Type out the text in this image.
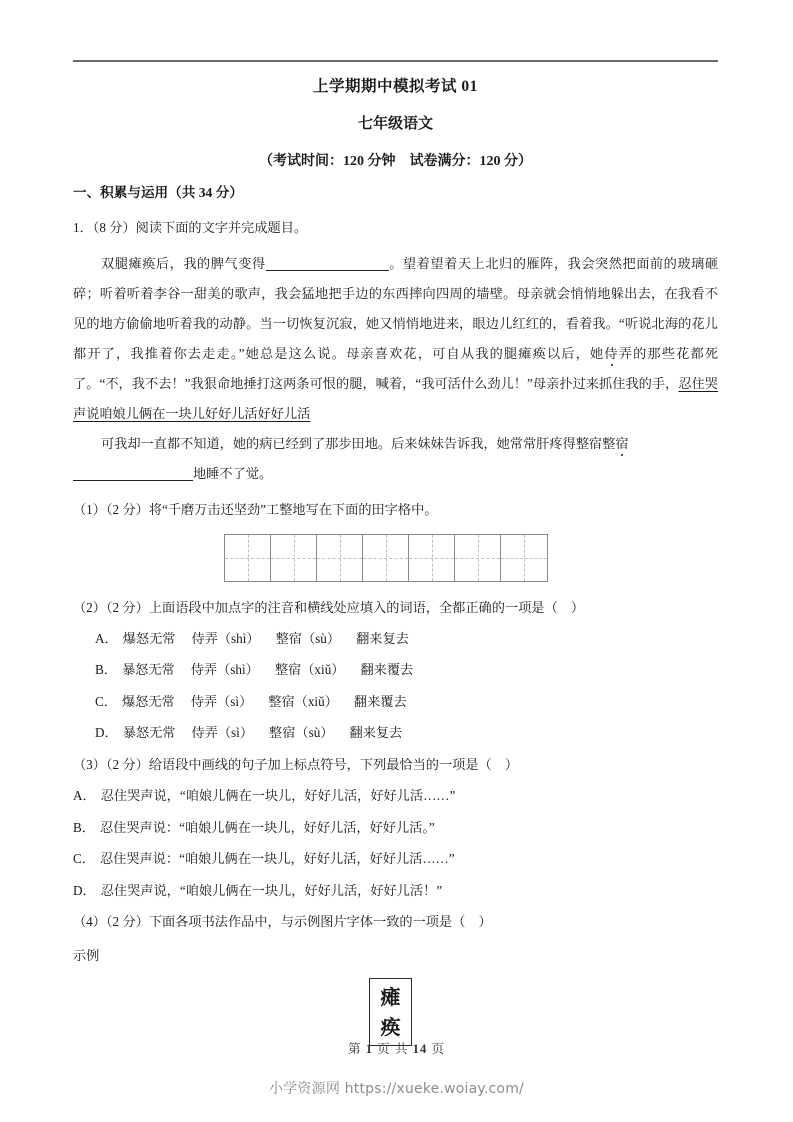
上学期期中模拟考试 01
七年级语文
（考试时间：120 分钟　试卷满分：120 分）
一、积累与运用（共 34 分）
1．（8 分）阅读下面的文字并完成题目。

双腿瘫痪后，我的脾气变得	。望着望着天上北归的雁阵，我会突然把面前的玻璃砸碎；听着听着李谷一甜美的歌声，我会猛地把手边的东西摔向四周的墙壁。母亲就会悄悄地躲出去，在我看不见的地方偷偷地听着我的动静。当一切恢复沉寂，她又悄悄地进来，眼边儿红红的，看着我。“听说北海的花儿都开了，我推着你去走走。”她总是这么说。母亲喜欢花，可自从我的腿瘫痪以后，她侍弄的那些花都死了。“不，我不去！”我狠命地捶打这两条可恨的腿，喊着，“我可活什么劲儿！”母亲扑过来抓住我的手，忍住哭声说咱娘儿俩在一块儿好好儿活好好儿活

可我却一直都不知道，她的病已经到了那步田地。后来妹妹告诉我，她常常肝疼得整宿整宿

地睡不了觉。

（1）（2 分）将“千磨万击还坚劲”工整地写在下面的田字格中。
（2）（2 分）上面语段中加点字的注音和横线处应填入的词语，全都正确的一项是（　）
A． 爆怒无常 侍弄（shì） 整宿（sù） 翻来复去
B． 暴怒无常 侍弄（shì） 整宿（xiǔ） 翻来覆去
C． 爆怒无常 侍弄（sì） 整宿（xiǔ） 翻来覆去
D． 暴怒无常 侍弄（sì） 整宿（sù） 翻来复去
（3）（2 分）给语段中画线的句子加上标点符号，下列最恰当的一项是（　）
A． 忍住哭声说，“咱娘儿俩在一块儿，好好儿活，好好儿活……”
B． 忍住哭声说：“咱娘儿俩在一块儿，好好儿活，好好儿活。”
C． 忍住哭声说：“咱娘儿俩在一块儿，好好儿活，好好儿活……”
D． 忍住哭声说，“咱娘儿俩在一块儿，好好儿活，好好儿活！”
（4）（2 分）下面各项书法作品中，与示例图片字体一致的一项是（　）
示例
瘫
痪
第 1 页 共 14 页
小学资源网 https://xueke.woiay.com/
